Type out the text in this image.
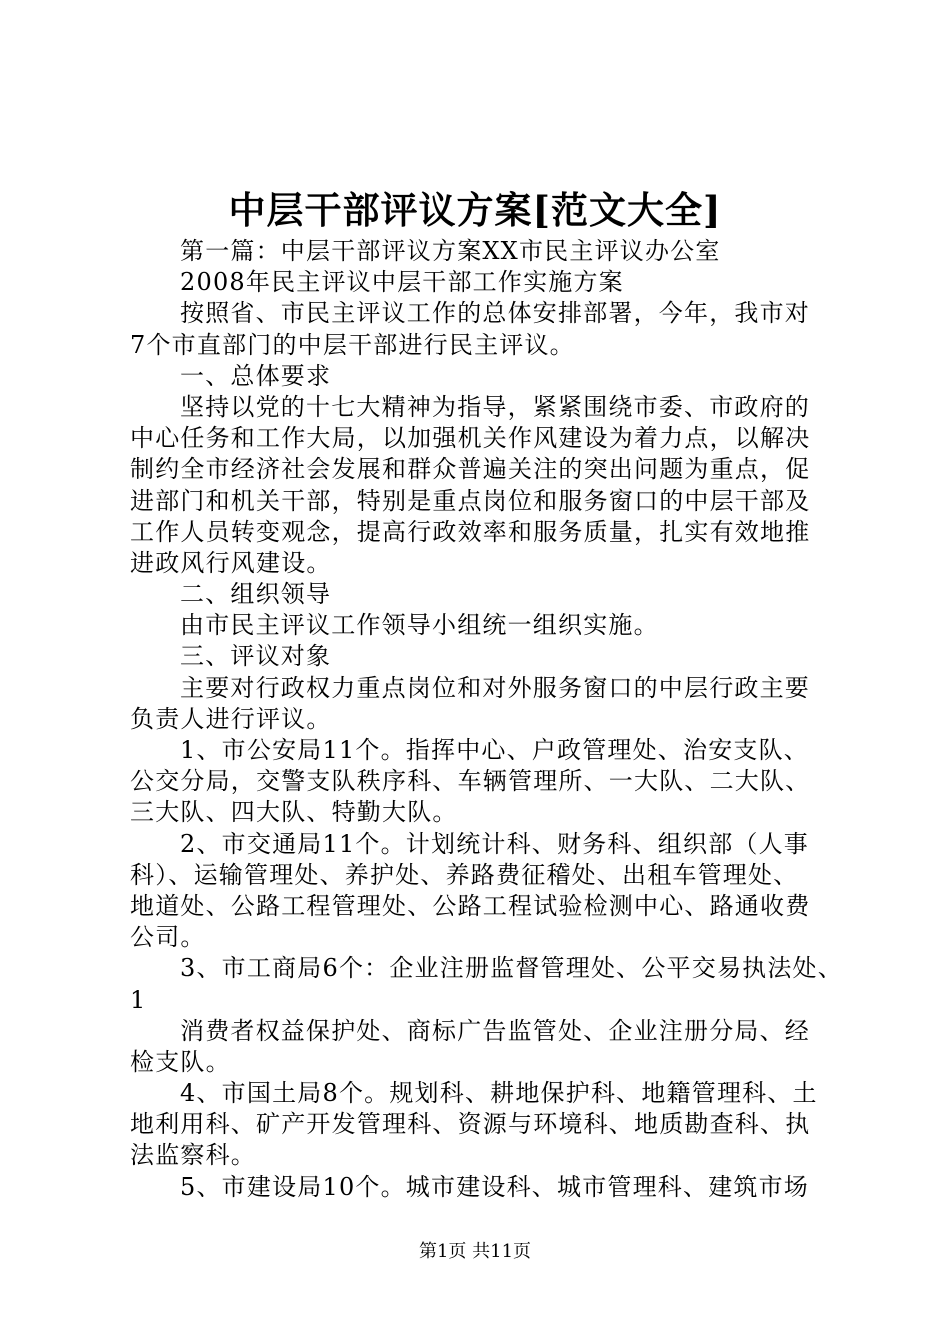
中层干部评议方案[范文大全]
第一篇：中层干部评议方案XX市民主评议办公室
2008年民主评议中层干部工作实施方案
按照省、市民主评议工作的总体安排部署，今年，我市对
7个市直部门的中层干部进行民主评议。
一、总体要求
坚持以党的十七大精神为指导，紧紧围绕市委、市政府的
中心任务和工作大局，以加强机关作风建设为着力点，以解决
制约全市经济社会发展和群众普遍关注的突出问题为重点，促
进部门和机关干部，特别是重点岗位和服务窗口的中层干部及
工作人员转变观念，提高行政效率和服务质量，扎实有效地推
进政风行风建设。
二、组织领导
由市民主评议工作领导小组统一组织实施。
三、评议对象
主要对行政权力重点岗位和对外服务窗口的中层行政主要
负责人进行评议。
1、市公安局11个。指挥中心、户政管理处、治安支队、
公交分局，交警支队秩序科、车辆管理所、一大队、二大队、
三大队、四大队、特勤大队。
2、市交通局11个。计划统计科、财务科、组织部（人事
科）、运输管理处、养护处、养路费征稽处、出租车管理处、
地道处、公路工程管理处、公路工程试验检测中心、路通收费
公司。
3、市工商局6个：企业注册监督管理处、公平交易执法处、
1
消费者权益保护处、商标广告监管处、企业注册分局、经
检支队。
4、市国土局8个。规划科、耕地保护科、地籍管理科、土
地利用科、矿产开发管理科、资源与环境科、地质勘查科、执
法监察科。
5、市建设局10个。城市建设科、城市管理科、建筑市场
第1页 共11页
